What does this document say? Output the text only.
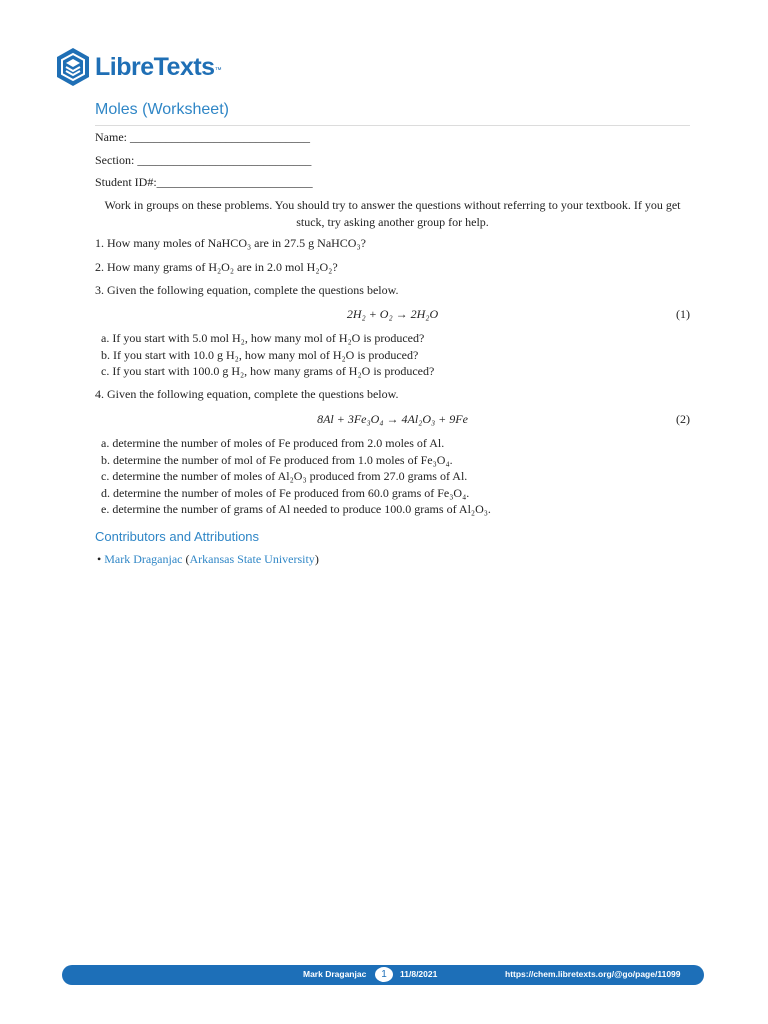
LibreTexts™
Moles (Worksheet)
Name: ______________________________
Section: _____________________________
Student ID#:__________________________
Work in groups on these problems. You should try to answer the questions without referring to your textbook. If you get stuck, try asking another group for help.
1. How many moles of NaHCO₃ are in 27.5 g NaHCO₃?
2. How many grams of H₂O₂ are in 2.0 mol H₂O₂?
3. Given the following equation, complete the questions below.
2H₂ + O₂ → 2H₂O	(1)
a. If you start with 5.0 mol H₂, how many mol of H₂O is produced?
b. If you start with 10.0 g H₂, how many mol of H₂O is produced?
c. If you start with 100.0 g H₂, how many grams of H₂O is produced?
4. Given the following equation, complete the questions below.
8Al + 3Fe₃O₄ → 4Al₂O₃ + 9Fe	(2)
a. determine the number of moles of Fe produced from 2.0 moles of Al.
b. determine the number of mol of Fe produced from 1.0 moles of Fe₃O₄.
c. determine the number of moles of Al₂O₃ produced from 27.0 grams of Al.
d. determine the number of moles of Fe produced from 60.0 grams of Fe₃O₄.
e. determine the number of grams of Al needed to produce 100.0 grams of Al₂O₃.
Contributors and Attributions
• Mark Draganjac (Arkansas State University)
Mark Draganjac	1	11/8/2021	https://chem.libretexts.org/@go/page/11099
